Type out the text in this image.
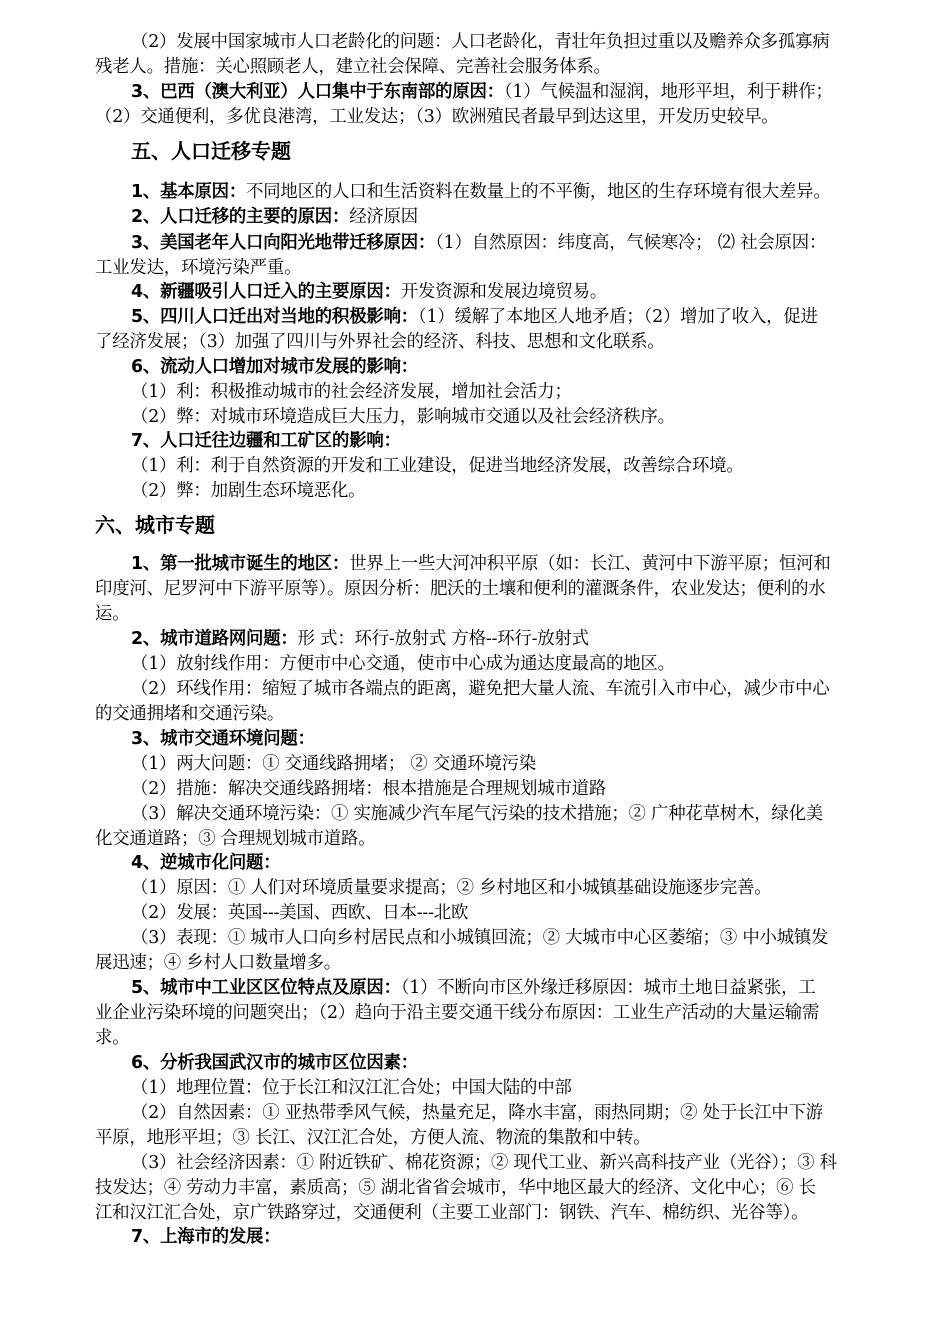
（2）发展中国家城市人口老龄化的问题：人口老龄化，青壮年负担过重以及赡养众多孤寡病
残老人。措施：关心照顾老人，建立社会保障、完善社会服务体系。
3、巴西（澳大利亚）人口集中于东南部的原因：（1）气候温和湿润，地形平坦，利于耕作；
（2）交通便利，多优良港湾，工业发达；（3）欧洲殖民者最早到达这里，开发历史较早。
五、人口迁移专题
1、基本原因：不同地区的人口和生活资料在数量上的不平衡，地区的生存环境有很大差异。
2、人口迁移的主要的原因：经济原因
3、美国老年人口向阳光地带迁移原因：（1）自然原因：纬度高，气候寒冷； ⑵ 社会原因：
工业发达，环境污染严重。
4、新疆吸引人口迁入的主要原因：开发资源和发展边境贸易。
5、四川人口迁出对当地的积极影响：（1）缓解了本地区人地矛盾；（2）增加了收入，促进
了经济发展；（3）加强了四川与外界社会的经济、科技、思想和文化联系。
6、流动人口增加对城市发展的影响：
（1）利：积极推动城市的社会经济发展，增加社会活力；
（2）弊：对城市环境造成巨大压力，影响城市交通以及社会经济秩序。
7、人口迁往边疆和工矿区的影响：
（1）利：利于自然资源的开发和工业建设，促进当地经济发展，改善综合环境。
（2）弊：加剧生态环境恶化。
六、城市专题
1、第一批城市诞生的地区：世界上一些大河冲积平原（如：长江、黄河中下游平原；恒河和
印度河、尼罗河中下游平原等）。原因分析：肥沃的土壤和便利的灌溉条件，农业发达；便利的水
运。
2、城市道路网问题：形 式：环行-放射式 方格--环行-放射式
（1）放射线作用：方便市中心交通，使市中心成为通达度最高的地区。
（2）环线作用：缩短了城市各端点的距离，避免把大量人流、车流引入市中心，减少市中心
的交通拥堵和交通污染。
3、城市交通环境问题：
（1）两大问题：① 交通线路拥堵； ② 交通环境污染
（2）措施：解决交通线路拥堵：根本措施是合理规划城市道路
（3）解决交通环境污染：① 实施减少汽车尾气污染的技术措施；② 广种花草树木，绿化美
化交通道路；③ 合理规划城市道路。
4、逆城市化问题：
（1）原因：① 人们对环境质量要求提高；② 乡村地区和小城镇基础设施逐步完善。
（2）发展：英国---美国、西欧、日本---北欧
（3）表现：① 城市人口向乡村居民点和小城镇回流；② 大城市中心区萎缩；③ 中小城镇发
展迅速；④ 乡村人口数量增多。
5、城市中工业区区位特点及原因：（1）不断向市区外缘迁移原因：城市土地日益紧张，工
业企业污染环境的问题突出；（2）趋向于沿主要交通干线分布原因：工业生产活动的大量运输需
求。
6、分析我国武汉市的城市区位因素：
（1）地理位置：位于长江和汉江汇合处；中国大陆的中部
（2）自然因素：① 亚热带季风气候，热量充足，降水丰富，雨热同期；② 处于长江中下游
平原，地形平坦；③ 长江、汉江汇合处，方便人流、物流的集散和中转。
（3）社会经济因素：① 附近铁矿、棉花资源；② 现代工业、新兴高科技产业（光谷）；③ 科
技发达；④ 劳动力丰富，素质高；⑤ 湖北省省会城市，华中地区最大的经济、文化中心；⑥ 长
江和汉江汇合处，京广铁路穿过，交通便利（主要工业部门：钢铁、汽车、棉纺织、光谷等）。
7、上海市的发展：
